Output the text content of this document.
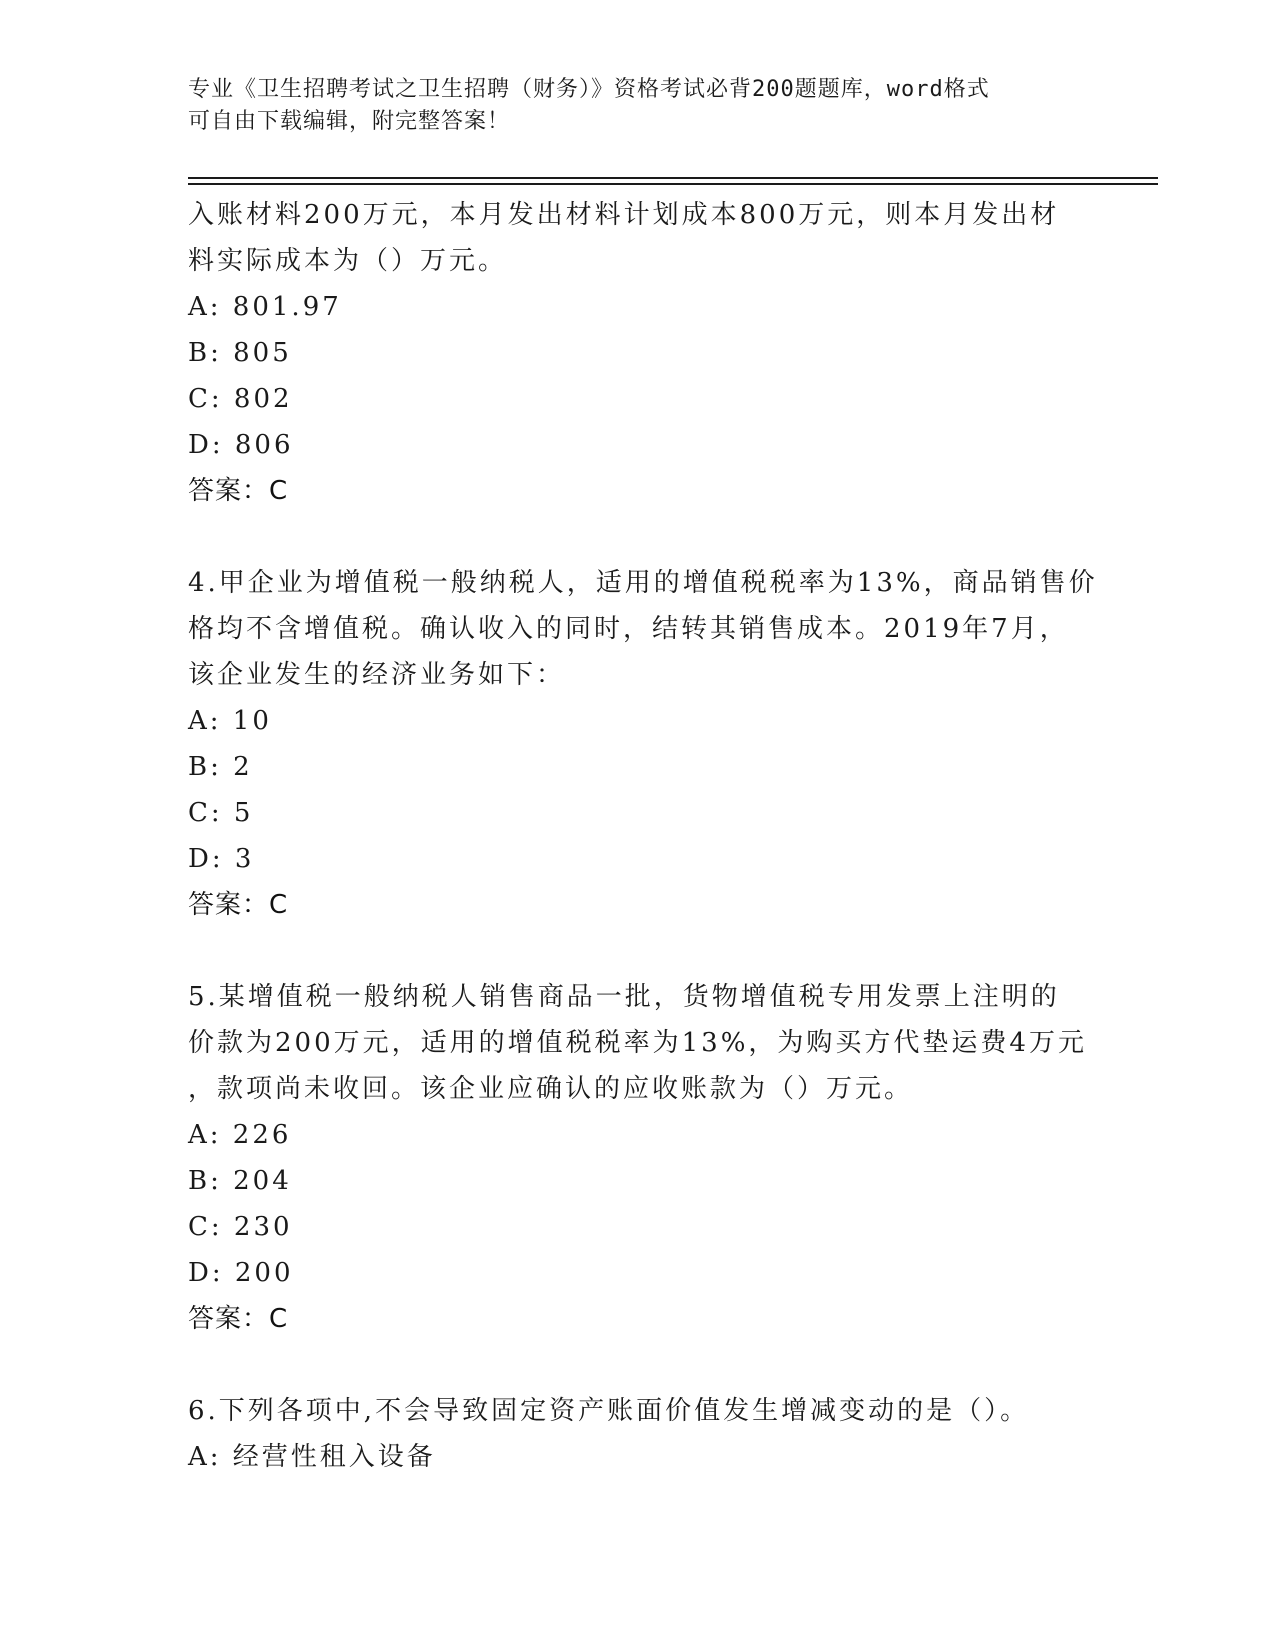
专业《卫生招聘考试之卫生招聘（财务）》资格考试必背200题题库，word格式
可自由下载编辑，附完整答案！
入账材料200万元，本月发出材料计划成本800万元，则本月发出材
料实际成本为（）万元。
A: 801.97
B: 805
C: 802
D: 806
答案：C
4.甲企业为增值税一般纳税人，适用的增值税税率为13%，商品销售价
格均不含增值税。确认收入的同时，结转其销售成本。2019年7月，
该企业发生的经济业务如下：
A: 10
B: 2
C: 5
D: 3
答案：C
5.某增值税一般纳税人销售商品一批，货物增值税专用发票上注明的
价款为200万元，适用的增值税税率为13%，为购买方代垫运费4万元
，款项尚未收回。该企业应确认的应收账款为（）万元。
A: 226
B: 204
C: 230
D: 200
答案：C
6.下列各项中,不会导致固定资产账面价值发生增减变动的是（）。
A: 经营性租入设备
